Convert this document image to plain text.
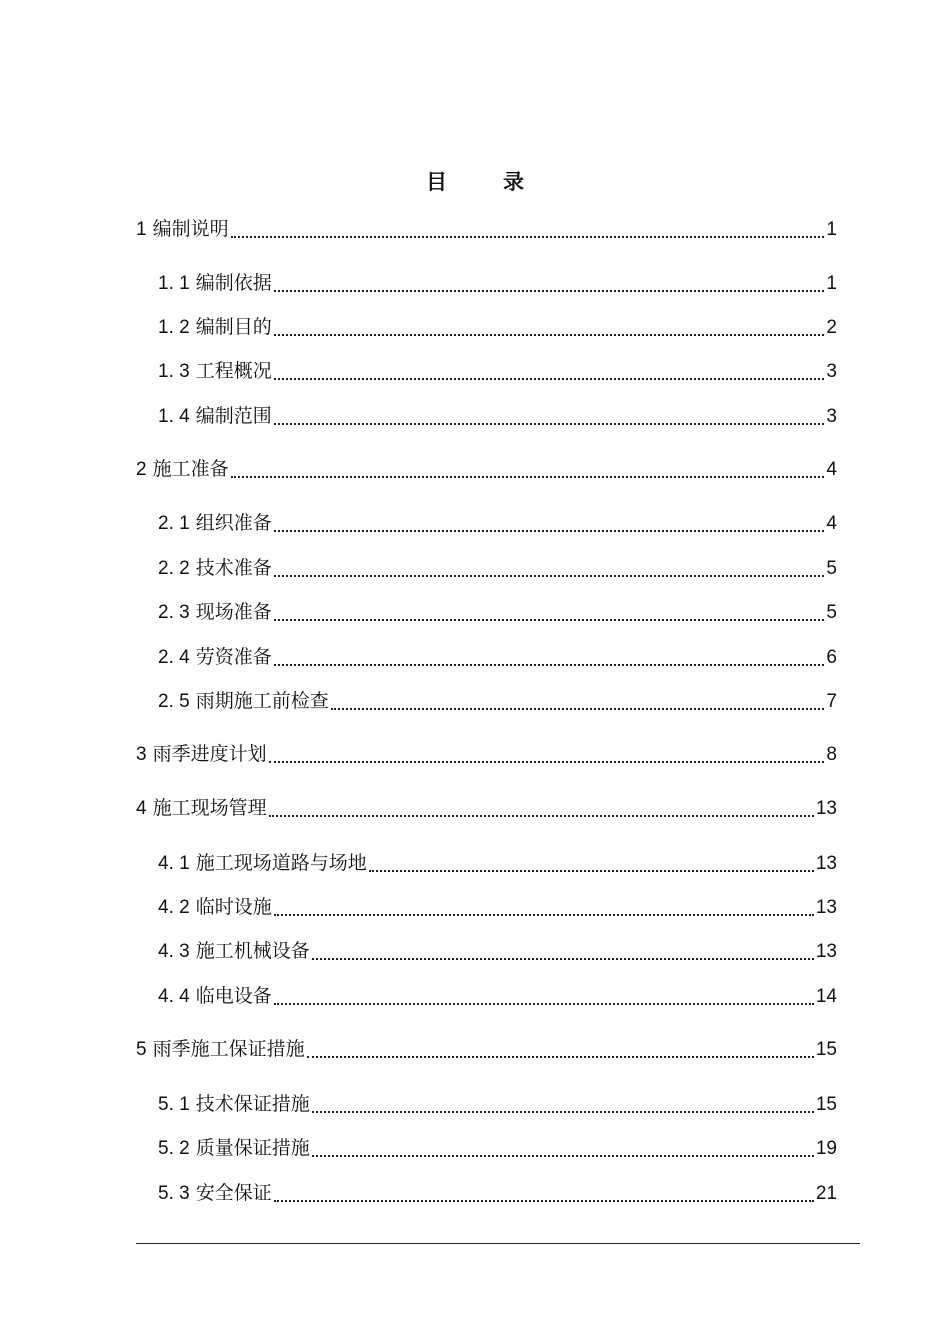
目	录
1 编制说明	1
1. 1 编制依据	1
1. 2 编制目的	2
1. 3 工程概况	3
1. 4 编制范围	3
2 施工准备	4
2. 1 组织准备	4
2. 2 技术准备	5
2. 3 现场准备	5
2. 4 劳资准备	6
2. 5 雨期施工前检查	7
3 雨季进度计划	8
4 施工现场管理	13
4. 1 施工现场道路与场地	13
4. 2 临时设施	13
4. 3 施工机械设备	13
4. 4 临电设备	14
5 雨季施工保证措施	15
5. 1 技术保证措施	15
5. 2 质量保证措施	19
5. 3 安全保证	21
